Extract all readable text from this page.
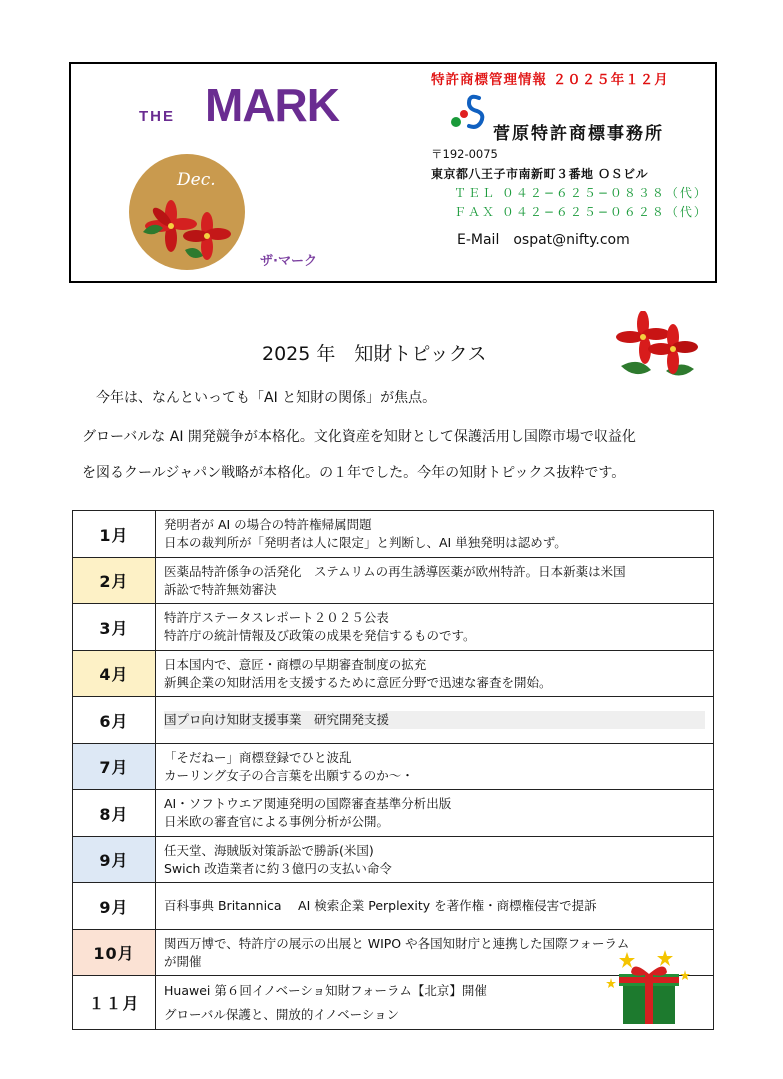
THE MARK
Dec.
ザ·マーク
特許商標管理情報 ２０２５年１２月
菅原特許商標事務所
〒192-0075
東京都八王子市南新町３番地 ＯＳビル
ＴＥＬ ０４２−６２５−０８３８（代）
ＦＡＸ ０４２−６２５−０６２８（代）
E-Mail ospat@nifty.com
2025 年　知財トピックス
今年は、なんといっても「AI と知財の関係」が焦点。
グローバルな AI 開発競争が本格化。文化資産を知財として保護活用し国際市場で収益化
を図るクールジャパン戦略が本格化。の１年でした。今年の知財トピックス抜粋です。
1月	発明者が AI の場合の特許権帰属問題
日本の裁判所が「発明者は人に限定」と判断し、AI 単独発明は認めず。

2月	医薬品特許係争の活発化　ステムリムの再生誘導医薬が欧州特許。日本新薬は米国
訴訟で特許無効審決

3月	特許庁ステータスレポート２０２５公表
特許庁の統計情報及び政策の成果を発信するものです。

4月	日本国内で、意匠・商標の早期審査制度の拡充
新興企業の知財活用を支援するために意匠分野で迅速な審査を開始。

6月	国プロ向け知財支援事業　研究開発支援

7月	「そだねー」商標登録でひと波乱
カーリング女子の合言葉を出願するのか〜・

8月	AI・ソフトウエア関連発明の国際審査基準分析出版
日米欧の審査官による事例分析が公開。

9月	任天堂、海賊版対策訴訟で勝訴(米国)
Swich 改造業者に約３億円の支払い命令

9月	百科事典 Britannica　 AI 検索企業 Perplexity を著作権・商標権侵害で提訴

10月	関西万博で、特許庁の展示の出展と WIPO や各国知財庁と連携した国際フォーラム
が開催

１１月	Huawei 第６回イノベーショ知財フォーラム【北京】開催
グローバル保護と、開放的イノベーション
